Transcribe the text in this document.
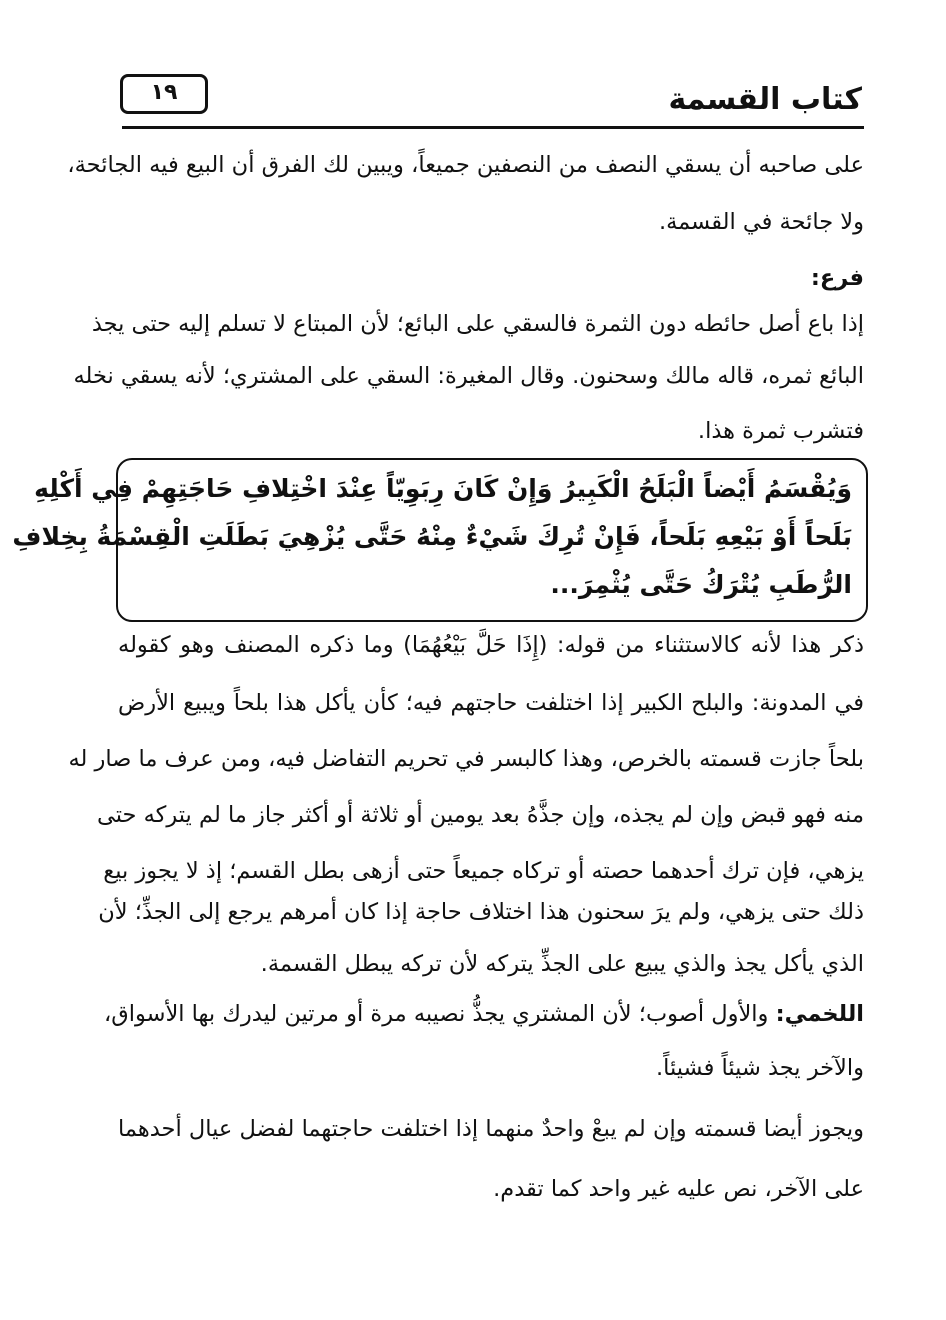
كتاب القسمة
١٩
على صاحبه أن يسقي النصف من النصفين جميعاً، ويبين لك الفرق أن البيع فيه الجائحة،
ولا جائحة في القسمة.
فرع:
إذا باع أصل حائطه دون الثمرة فالسقي على البائع؛ لأن المبتاع لا تسلم إليه حتى يجذ
البائع ثمره، قاله مالك وسحنون. وقال المغيرة: السقي على المشتري؛ لأنه يسقي نخله
فتشرب ثمرة هذا.
وَيُقْسَمُ أَيْضاً الْبَلَحُ الْكَبِيرُ وَإِنْ كَانَ رِبَوِيّاً عِنْدَ اخْتِلافِ حَاجَتِهِمْ فِي أَكْلِهِ
بَلَحاً أَوْ بَيْعِهِ بَلَحاً، فَإِنْ تُرِكَ شَيْءٌ مِنْهُ حَتَّى يُزْهِيَ بَطَلَتِ الْقِسْمَةُ بِخِلافِ
الرُّطَبِ يُتْرَكُ حَتَّى يُثْمِرَ...
ذكر هذا لأنه كالاستثناء من قوله: (إِذَا حَلَّ بَيْعُهُمَا) وما ذكره المصنف وهو كقوله
في المدونة: والبلح الكبير إذا اختلفت حاجتهم فيه؛ كأن يأكل هذا بلحاً ويبيع الأرض
بلحاً جازت قسمته بالخرص، وهذا كالبسر في تحريم التفاضل فيه، ومن عرف ما صار له
منه فهو قبض وإن لم يجذه، وإن جذَّهُ بعد يومين أو ثلاثة أو أكثر جاز ما لم يتركه حتى
يزهي، فإن ترك أحدهما حصته أو تركاه جميعاً حتى أزهى بطل القسم؛ إذ لا يجوز بيع
ذلك حتى يزهي، ولم يرَ سحنون هذا اختلاف حاجة إذا كان أمرهم يرجع إلى الجذِّ؛ لأن
الذي يأكل يجذ والذي يبيع على الجذِّ يتركه لأن تركه يبطل القسمة.
اللخمي: والأول أصوب؛ لأن المشتري يجذُّ نصيبه مرة أو مرتين ليدرك بها الأسواق،
والآخر يجذ شيئاً فشيئاً.
ويجوز أيضا قسمته وإن لم يبعْ واحدٌ منهما إذا اختلفت حاجتهما لفضل عيال أحدهما
على الآخر، نص عليه غير واحد كما تقدم.
